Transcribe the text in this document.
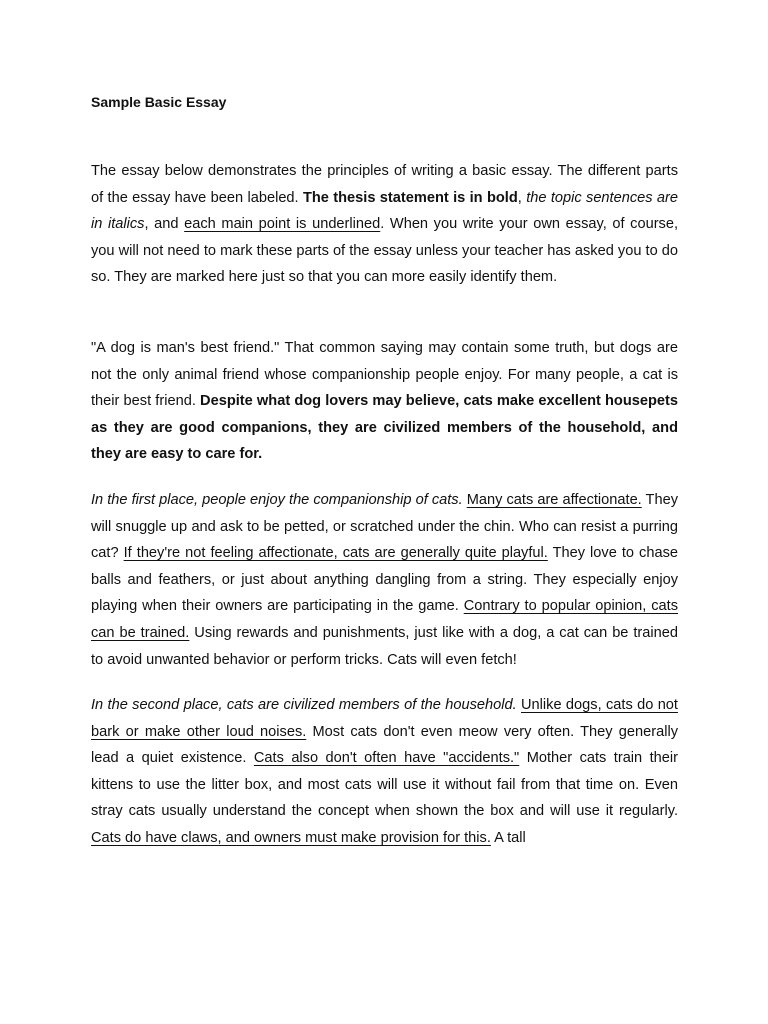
Sample Basic Essay

The essay below demonstrates the principles of writing a basic essay. The different parts of the essay have been labeled. The thesis statement is in bold, the topic sentences are in italics, and each main point is underlined. When you write your own essay, of course, you will not need to mark these parts of the essay unless your teacher has asked you to do so. They are marked here just so that you can more easily identify them.

"A dog is man's best friend." That common saying may contain some truth, but dogs are not the only animal friend whose companionship people enjoy. For many people, a cat is their best friend. Despite what dog lovers may believe, cats make excellent housepets as they are good companions, they are civilized members of the household, and they are easy to care for.

In the first place, people enjoy the companionship of cats. Many cats are affectionate. They will snuggle up and ask to be petted, or scratched under the chin. Who can resist a purring cat? If they're not feeling affectionate, cats are generally quite playful. They love to chase balls and feathers, or just about anything dangling from a string. They especially enjoy playing when their owners are participating in the game. Contrary to popular opinion, cats can be trained. Using rewards and punishments, just like with a dog, a cat can be trained to avoid unwanted behavior or perform tricks. Cats will even fetch!

In the second place, cats are civilized members of the household. Unlike dogs, cats do not bark or make other loud noises. Most cats don't even meow very often. They generally lead a quiet existence. Cats also don't often have "accidents." Mother cats train their kittens to use the litter box, and most cats will use it without fail from that time on. Even stray cats usually understand the concept when shown the box and will use it regularly. Cats do have claws, and owners must make provision for this. A tall
